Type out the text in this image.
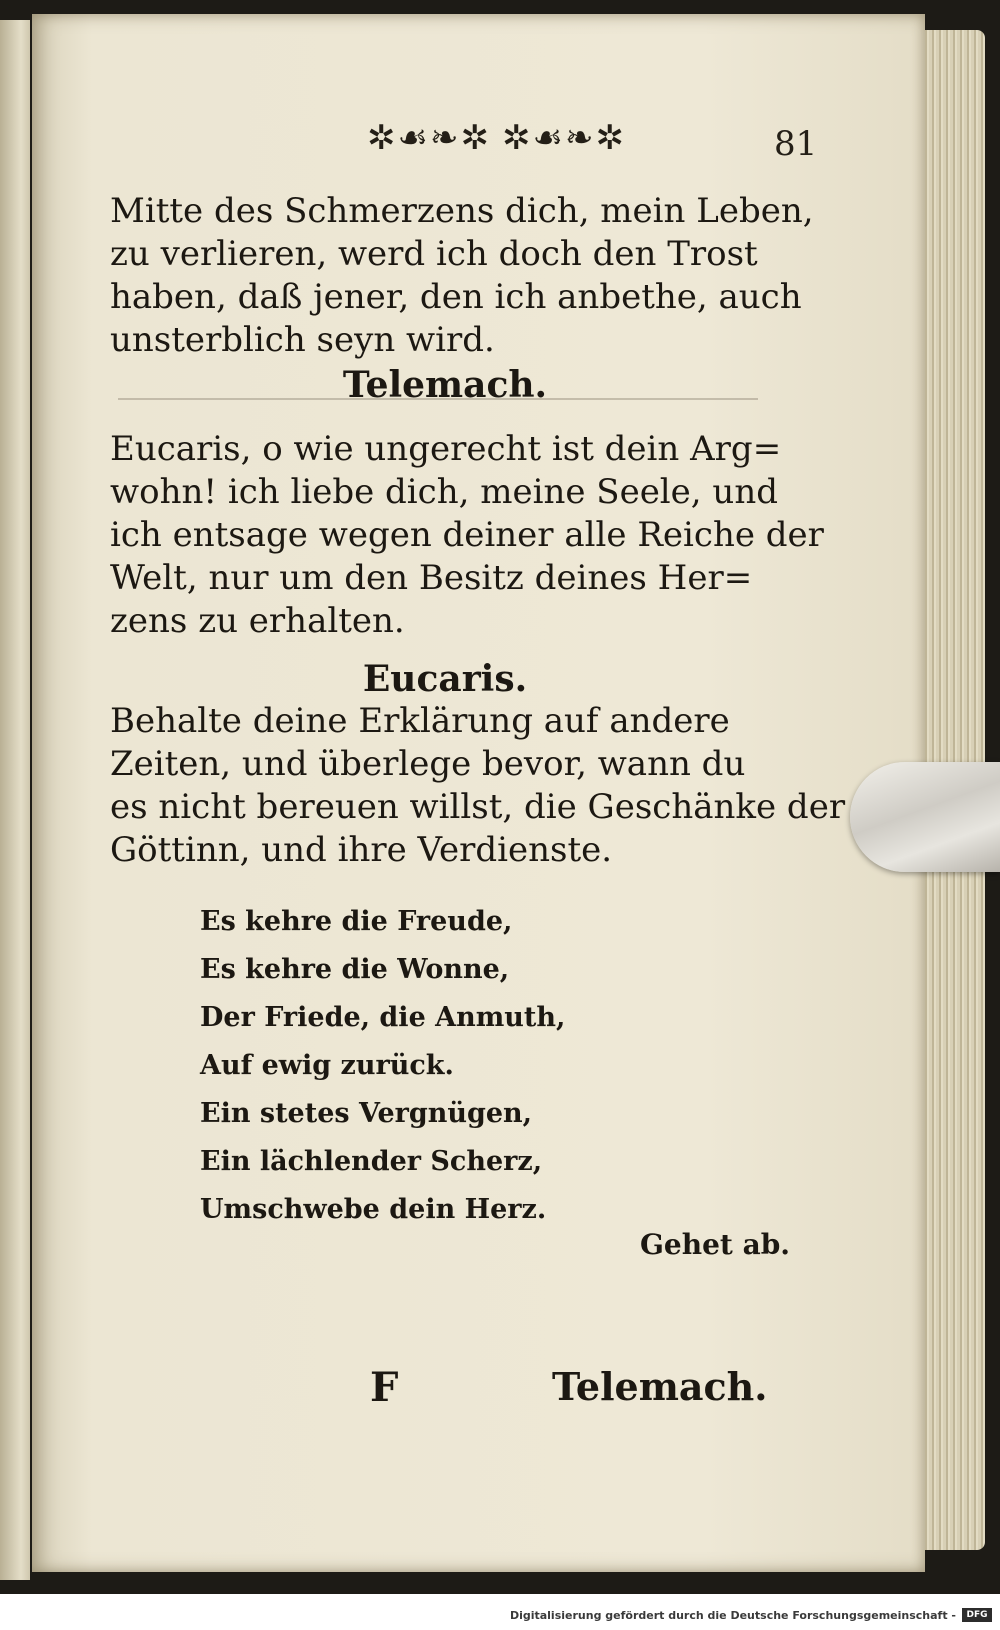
✲☙❧✲ ✲☙❧✲	81
Mitte des Schmerzens dich, mein Leben,
zu verlieren, werd ich doch den Trost
haben, daß jener, den ich anbethe, auch
unsterblich seyn wird.
Telemach.
Eucaris, o wie ungerecht ist dein Arg=
wohn! ich liebe dich, meine Seele, und
ich entsage wegen deiner alle Reiche der
Welt, nur um den Besitz deines Her=
zens zu erhalten.
Eucaris.
Behalte deine Erklärung auf andere
Zeiten, und überlege bevor, wann du
es nicht bereuen willst, die Geschänke der
Göttinn, und ihre Verdienste.
Es kehre die Freude,
Es kehre die Wonne,
Der Friede, die Anmuth,
Auf ewig zurück.
Ein stetes Vergnügen,
Ein lächlender Scherz,
Umschwebe dein Herz.
Gehet ab.
F	Telemach.
Digitalisierung gefördert durch die Deutsche Forschungsgemeinschaft -	DFG
